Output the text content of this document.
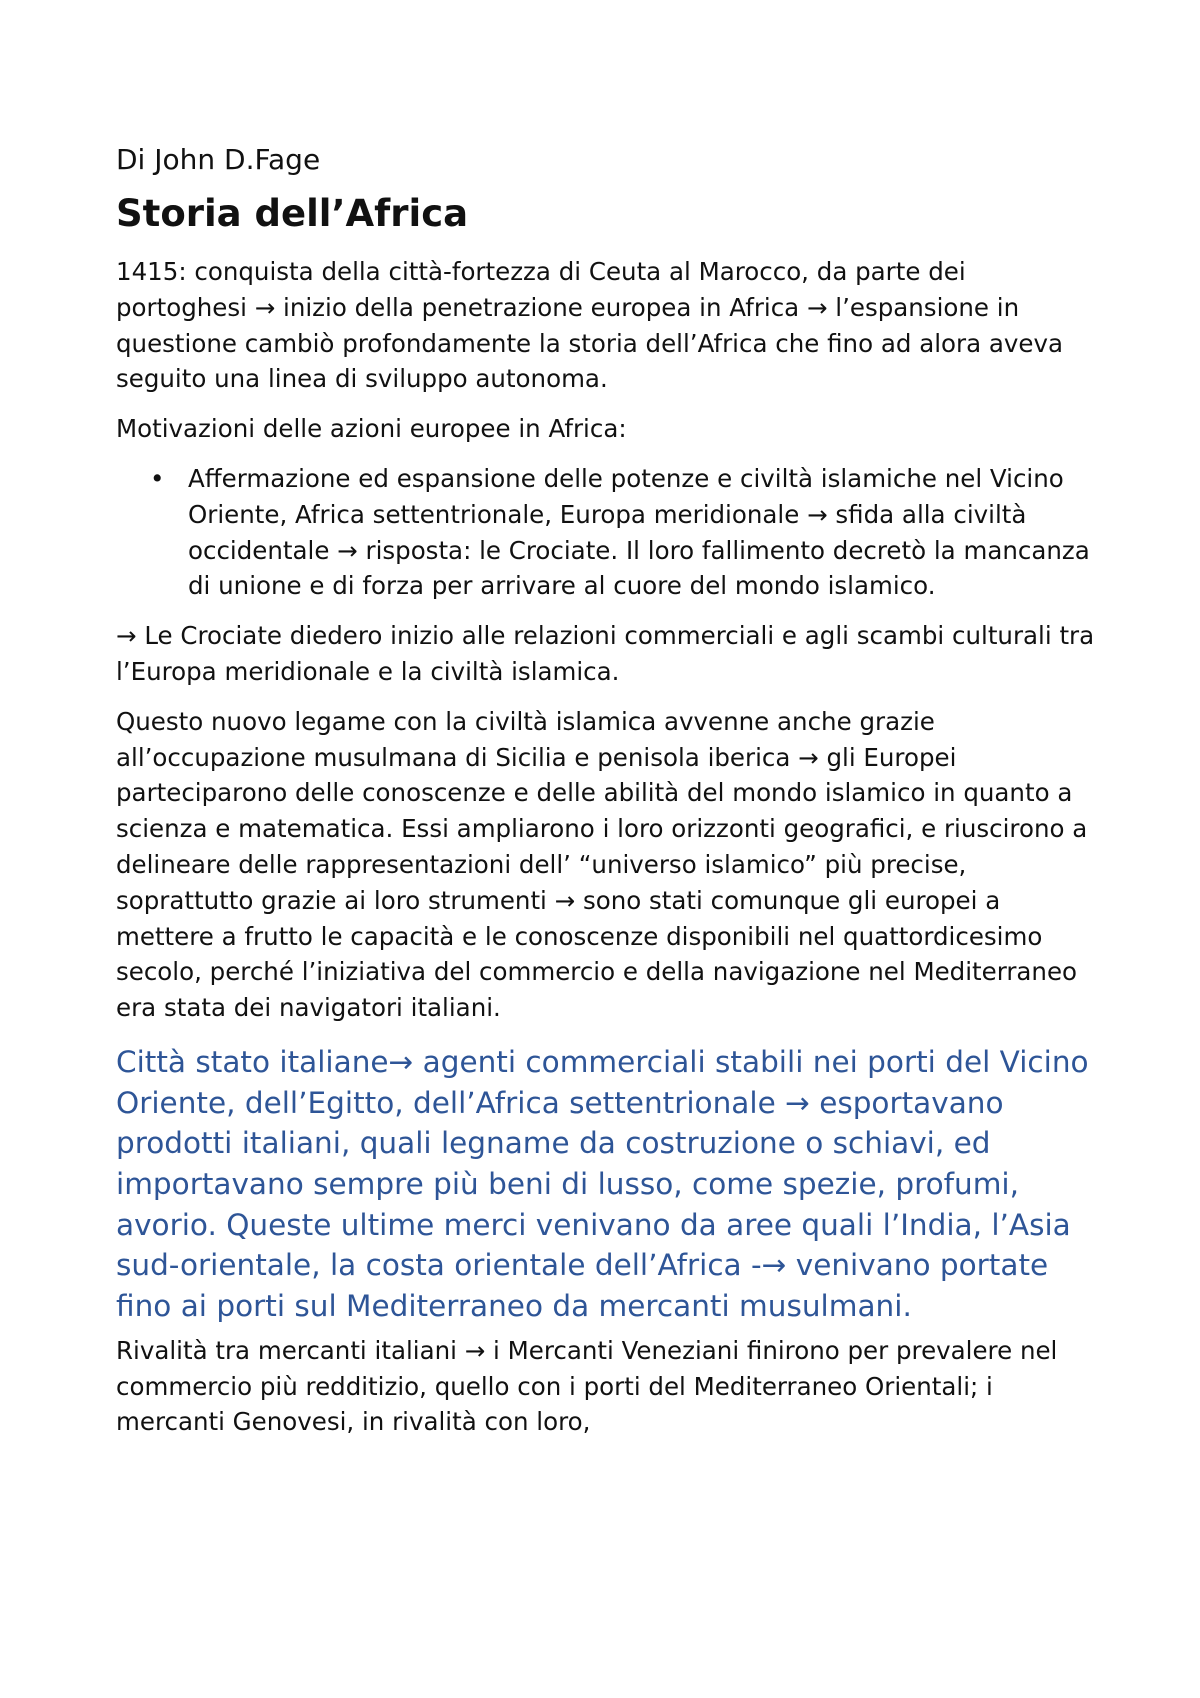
Di John D.Fage
Storia dell’Africa

1415: conquista della città-fortezza di Ceuta al Marocco, da parte dei portoghesi → inizio della penetrazione europea in Africa → l’espansione in questione cambiò profondamente la storia dell’Africa che fino ad alora aveva seguito una linea di sviluppo autonoma.

Motivazioni delle azioni europee in Africa:

• Affermazione ed espansione delle potenze e civiltà islamiche nel Vicino Oriente, Africa settentrionale, Europa meridionale → sfida alla civiltà occidentale → risposta: le Crociate. Il loro fallimento decretò la mancanza di unione e di forza per arrivare al cuore del mondo islamico.

→ Le Crociate diedero inizio alle relazioni commerciali e agli scambi culturali tra l’Europa meridionale e la civiltà islamica.

Questo nuovo legame con la civiltà islamica avvenne anche grazie all’occupazione musulmana di Sicilia e penisola iberica → gli Europei parteciparono delle conoscenze e delle abilità del mondo islamico in quanto a scienza e matematica. Essi ampliarono i loro orizzonti geografici, e riuscirono a delineare delle rappresentazioni dell’ “universo islamico” più precise, soprattutto grazie ai loro strumenti → sono stati comunque gli europei a mettere a frutto le capacità e le conoscenze disponibili nel quattordicesimo secolo, perché l’iniziativa del commercio e della navigazione nel Mediterraneo era stata dei navigatori italiani.

Città stato italiane→ agenti commerciali stabili nei porti del Vicino Oriente, dell’Egitto, dell’Africa settentrionale → esportavano prodotti italiani, quali legname da costruzione o schiavi, ed importavano sempre più beni di lusso, come spezie, profumi, avorio. Queste ultime merci venivano da aree quali l’India, l’Asia sud-orientale, la costa orientale dell’Africa -→ venivano portate fino ai porti sul Mediterraneo da mercanti musulmani.

Rivalità tra mercanti italiani → i Mercanti Veneziani finirono per prevalere nel commercio più redditizio, quello con i porti del Mediterraneo Orientali; i mercanti Genovesi, in rivalità con loro,
